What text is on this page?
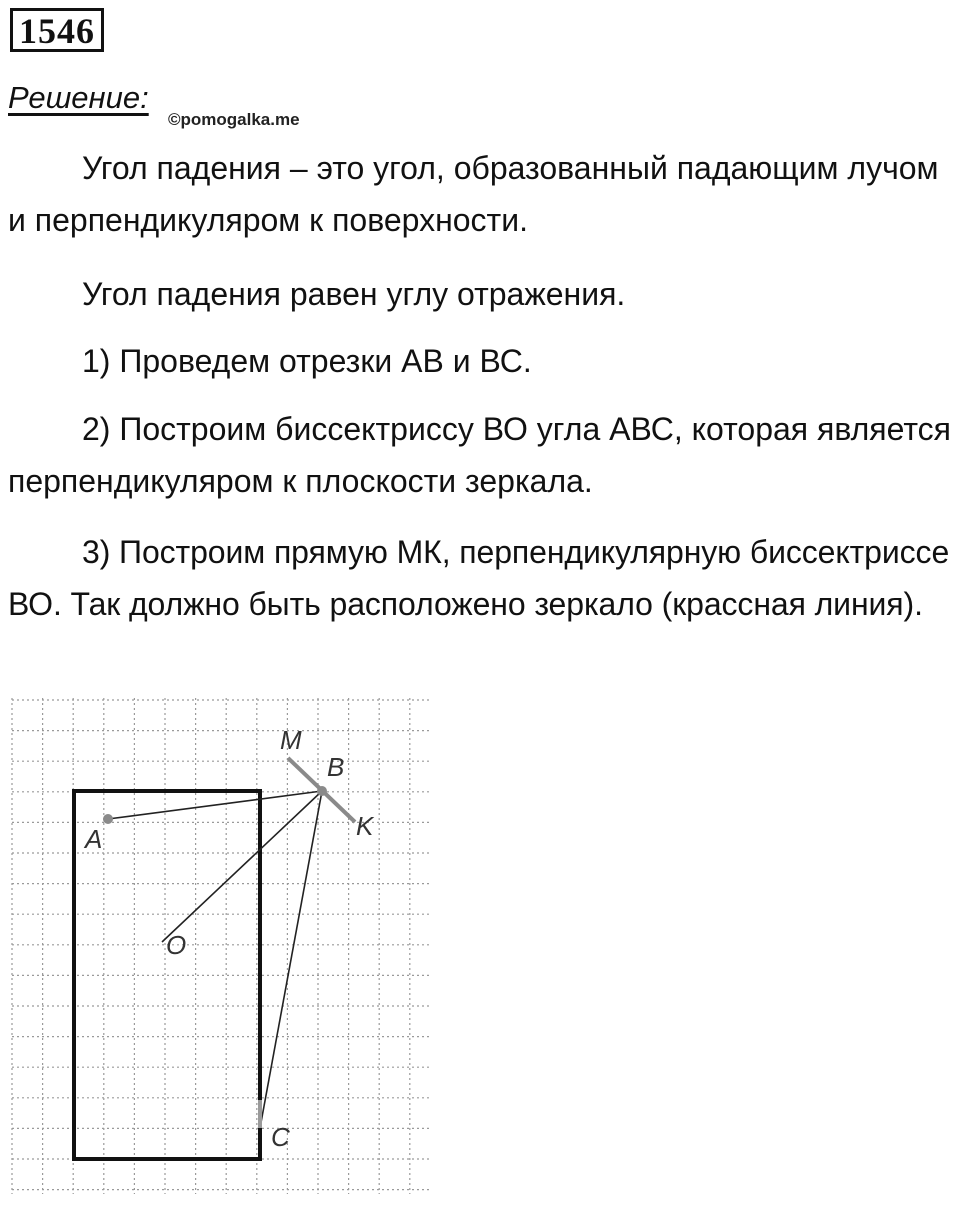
1546
Решение:
©pomogalka.me

Угол падения – это угол, образованный падающим лучом и перпендикуляром к поверхности.

Угол падения равен углу отражения.

1) Проведем отрезки АВ и ВС.

2) Построим биссектриссу ВО угла АВС, которая является перпендикуляром к плоскости зеркала.

3) Построим прямую МК, перпендикулярную биссектриссе ВО. Так должно быть расположено зеркало (крассная линия).

M
B
K
A
O
C
